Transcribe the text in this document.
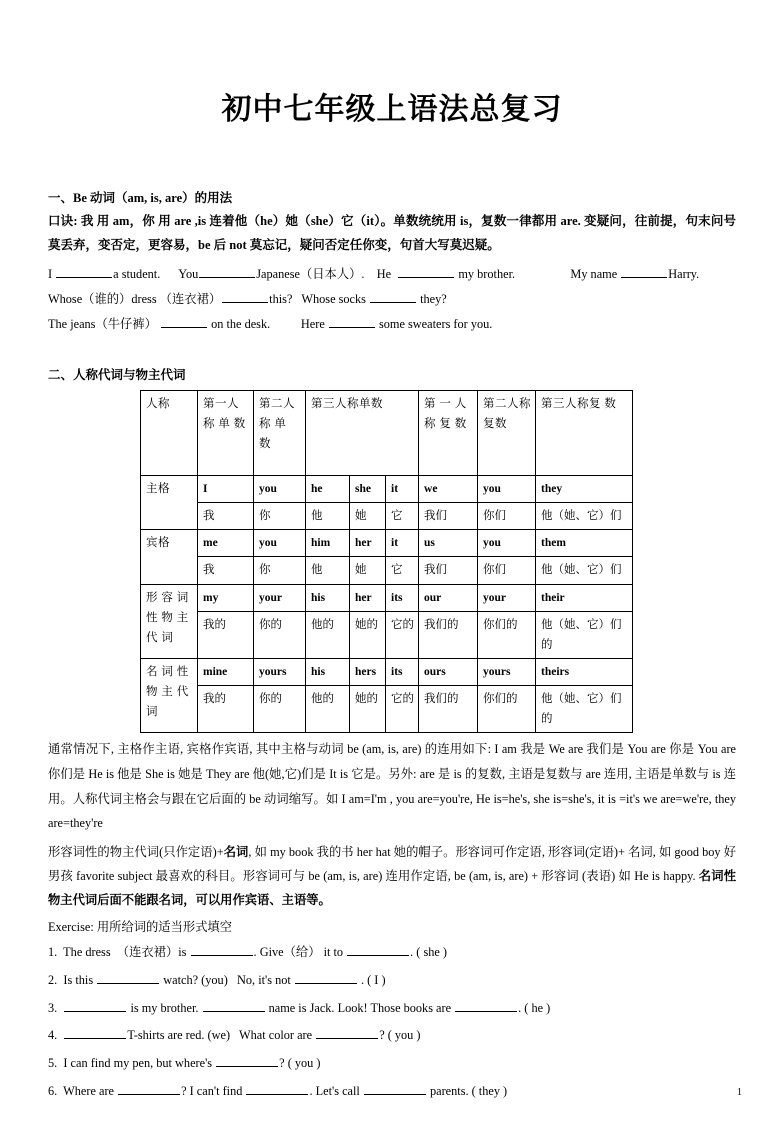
初中七年级上语法总复习
一、Be 动词（am, is, are）的用法
口诀: 我 用 am，你 用 are ,is 连着他（he）她（she）它（it）。单数统统用 is，复数一律都用 are. 变疑问，往前提，句末问号莫丢弃，变否定，更容易，be 后 not 莫忘记，疑问否定任你变，句首大写莫迟疑。
I	a student.      You	Japanese（日本人）.    He	my brother.                  My name	Harry.
Whose（谁的）dress （连衣裙）	this?   Whose socks	they?
The jeans（牛仔裤）	on the desk.          Here	some sweaters for you.
二、人称代词与物主代词
人称	第一人称 单 数	第二人称 单 数	第三人称单数			第 一 人称 复 数	第二人称复数	第三人称复 数
主格	I	you	he	she	it	we	you	they
	我	你	他	她	它	我们	你们	他（她、它）们
宾格	me	you	him	her	it	us	you	them
	我	你	他	她	它	我们	你们	他（她、它）们
形 容 词 性 物 主 代 词	my	your	his	her	its	our	your	their
	我的	你的	他的	她的	它的	我们的	你们的	他（她、它）们的
名 词 性 物 主 代 词	mine	yours	his	hers	its	ours	yours	theirs
	我的	你的	他的	她的	它的	我们的	你们的	他（她、它）们的
通常情况下, 主格作主语, 宾格作宾语, 其中主格与动词 be (am, is, are) 的连用如下: I am 我是 We are 我们是 You are 你是 You are 你们是 He is 他是 She is 她是 They are 他(她,它)们是 It is 它是。另外: are 是 is 的复数, 主语是复数与 are 连用, 主语是单数与 is 连用。人称代词主格会与跟在它后面的 be 动词缩写。如 I am=I'm , you are=you're, He is=he's, she is=she's, it is =it's we are=we're, they are=they're
形容词性的物主代词(只作定语)+名词, 如 my book 我的书 her hat 她的帽子。形容词可作定语, 形容词(定语)+ 名词, 如 good boy 好男孩 favorite subject 最喜欢的科目。形容词可与 be (am, is, are) 连用作定语, be (am, is, are) + 形容词 (表语) 如 He is happy. 名词性物主代词后面不能跟名词，可以用作宾语、主语等。
Exercise: 用所给词的适当形式填空
1.  The dress  （连衣裙）is	. Give（给） it to	. ( she )
2.  Is this	watch? (you)   No, it's not	. ( I )
3.	is my brother.	name is Jack. Look! Those books are	. ( he )
4.	T-shirts are red. (we)   What color are	? ( you )
5.  I can find my pen, but where's	? ( you )
6.  Where are	? I can't find	. Let's call	parents. ( they )	1
